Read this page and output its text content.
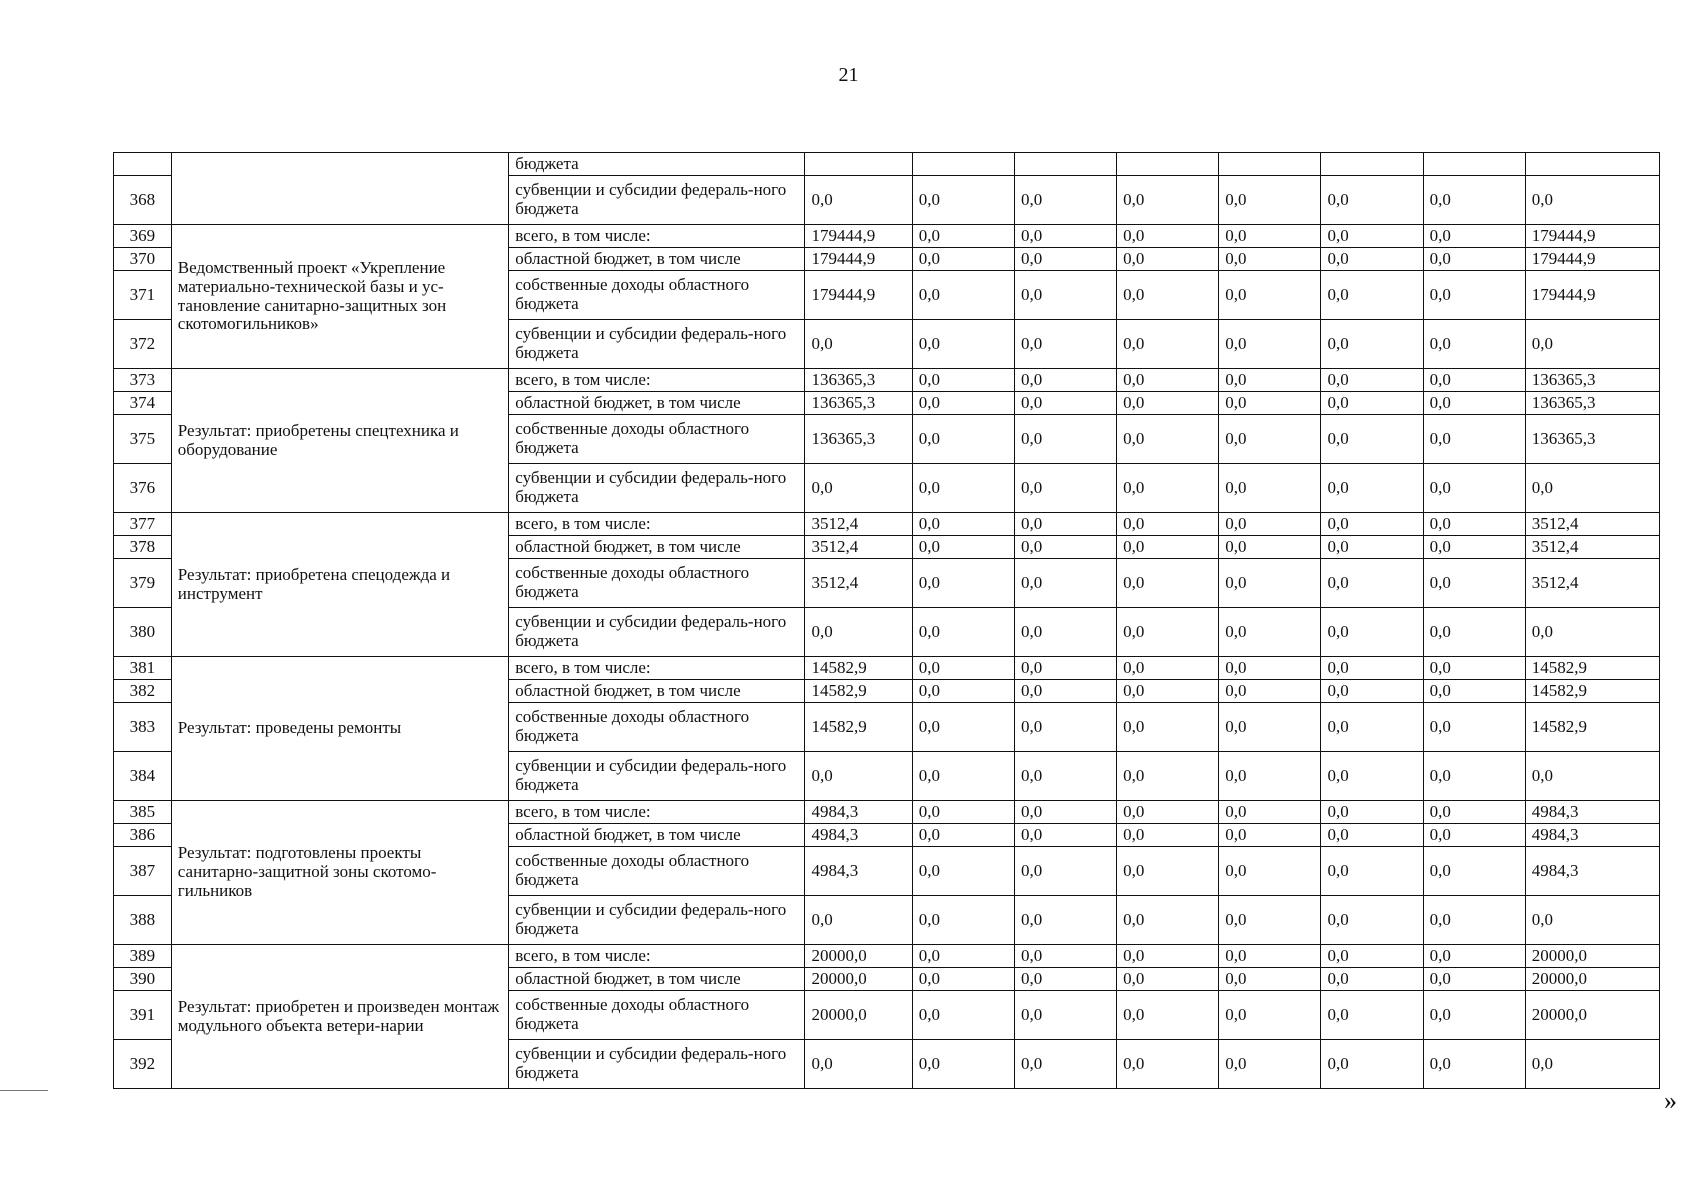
21
		бюджета								
368		субвенции и субсидии федераль-ного бюджета	0,0	0,0	0,0	0,0	0,0	0,0	0,0	0,0
369	Ведомственный проект «Укрепление материально-технической базы и ус-тановление санитарно-защитных зон скотомогильников»	всего, в том числе:	179444,9	0,0	0,0	0,0	0,0	0,0	0,0	179444,9
370		областной бюджет, в том числе	179444,9	0,0	0,0	0,0	0,0	0,0	0,0	179444,9
371		собственные доходы областного бюджета	179444,9	0,0	0,0	0,0	0,0	0,0	0,0	179444,9
372		субвенции и субсидии федераль-ного бюджета	0,0	0,0	0,0	0,0	0,0	0,0	0,0	0,0
373	Результат: приобретены спецтехника и оборудование	всего, в том числе:	136365,3	0,0	0,0	0,0	0,0	0,0	0,0	136365,3
374		областной бюджет, в том числе	136365,3	0,0	0,0	0,0	0,0	0,0	0,0	136365,3
375		собственные доходы областного бюджета	136365,3	0,0	0,0	0,0	0,0	0,0	0,0	136365,3
376		субвенции и субсидии федераль-ного бюджета	0,0	0,0	0,0	0,0	0,0	0,0	0,0	0,0
377	Результат: приобретена спецодежда и инструмент	всего, в том числе:	3512,4	0,0	0,0	0,0	0,0	0,0	0,0	3512,4
378		областной бюджет, в том числе	3512,4	0,0	0,0	0,0	0,0	0,0	0,0	3512,4
379		собственные доходы областного бюджета	3512,4	0,0	0,0	0,0	0,0	0,0	0,0	3512,4
380		субвенции и субсидии федераль-ного бюджета	0,0	0,0	0,0	0,0	0,0	0,0	0,0	0,0
381	Результат: проведены ремонты	всего, в том числе:	14582,9	0,0	0,0	0,0	0,0	0,0	0,0	14582,9
382		областной бюджет, в том числе	14582,9	0,0	0,0	0,0	0,0	0,0	0,0	14582,9
383		собственные доходы областного бюджета	14582,9	0,0	0,0	0,0	0,0	0,0	0,0	14582,9
384		субвенции и субсидии федераль-ного бюджета	0,0	0,0	0,0	0,0	0,0	0,0	0,0	0,0
385	Результат: подготовлены проекты санитарно-защитной зоны скотомо-гильников	всего, в том числе:	4984,3	0,0	0,0	0,0	0,0	0,0	0,0	4984,3
386		областной бюджет, в том числе	4984,3	0,0	0,0	0,0	0,0	0,0	0,0	4984,3
387		собственные доходы областного бюджета	4984,3	0,0	0,0	0,0	0,0	0,0	0,0	4984,3
388		субвенции и субсидии федераль-ного бюджета	0,0	0,0	0,0	0,0	0,0	0,0	0,0	0,0
389	Результат: приобретен и произведен монтаж модульного объекта ветери-нарии	всего, в том числе:	20000,0	0,0	0,0	0,0	0,0	0,0	0,0	20000,0
390		областной бюджет, в том числе	20000,0	0,0	0,0	0,0	0,0	0,0	0,0	20000,0
391		собственные доходы областного бюджета	20000,0	0,0	0,0	0,0	0,0	0,0	0,0	20000,0
392		субвенции и субсидии федераль-ного бюджета	0,0	0,0	0,0	0,0	0,0	0,0	0,0	0,0
»
